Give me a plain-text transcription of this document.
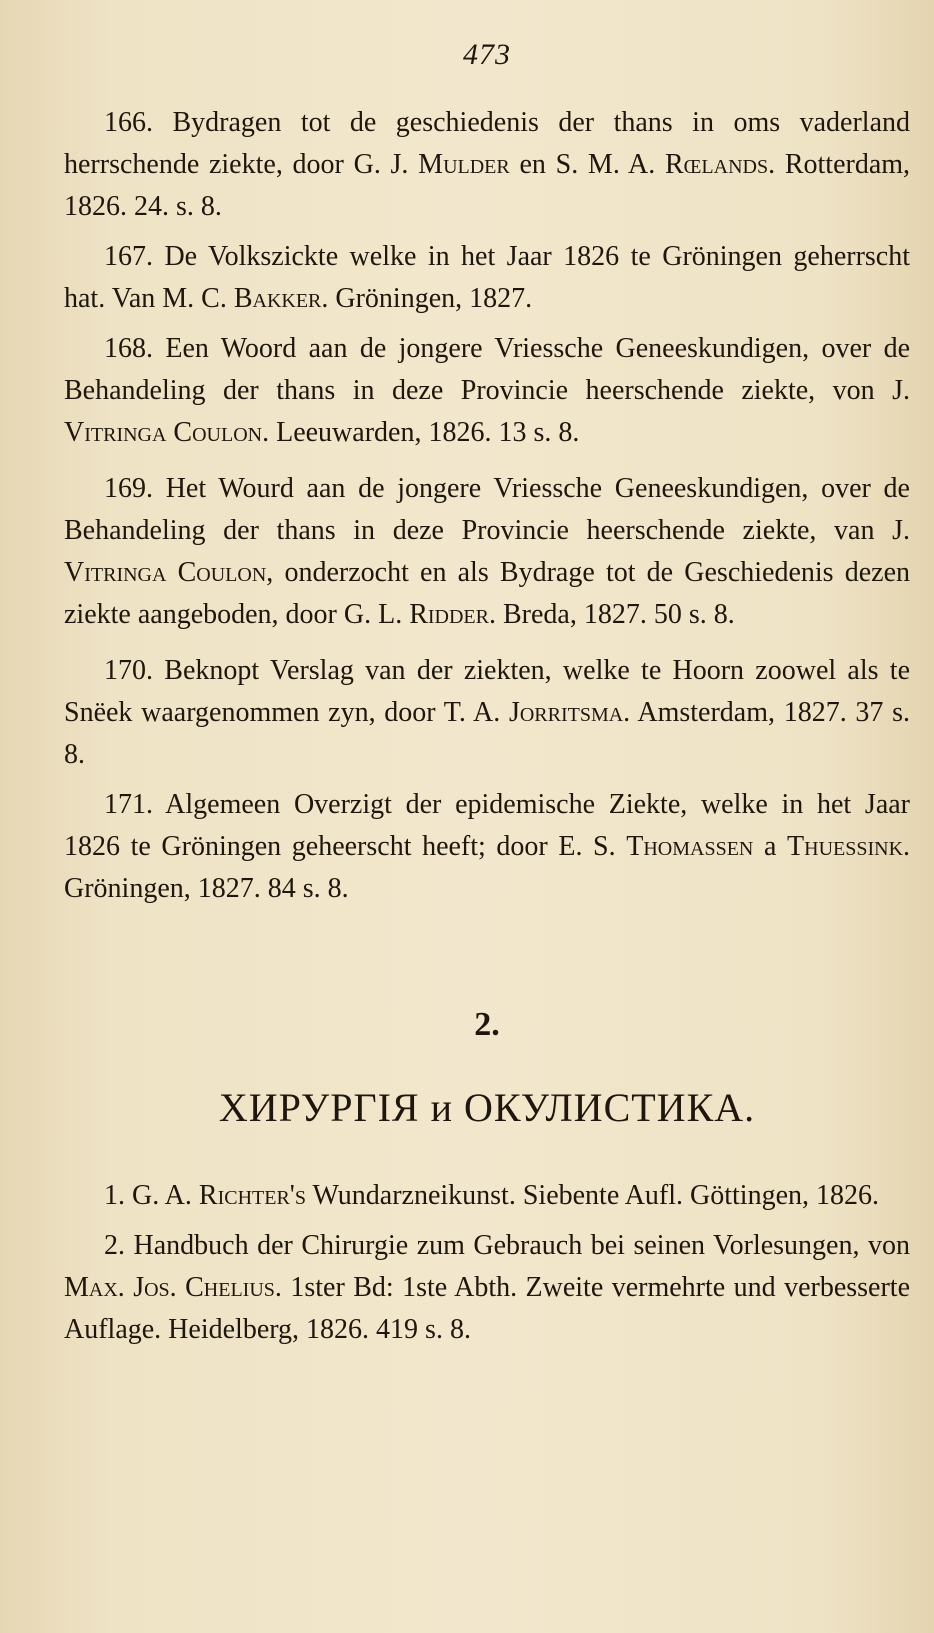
473

166. Bydragen tot de geschiedenis der thans in oms vaderland herrschende ziekte, door G. J. Mulder en S. M. A. Rœlands. Rotterdam, 1826. 24. s. 8.

167. De Volkszickte welke in het Jaar 1826 te Gröningen geherrscht hat. Van M. C. Bakker. Gröningen, 1827.

168. Een Woord aan de jongere Vriessche Geneeskundigen, over de Behandeling der thans in deze Provincie heerschende ziekte, von J. Vitringa Coulon. Leeuwarden, 1826. 13 s. 8.

169. Het Wourd aan de jongere Vriessche Geneeskundigen, over de Behandeling der thans in deze Provincie heerschende ziekte, van J. Vitringa Coulon, onderzocht en als Bydrage tot de Geschiedenis dezen ziekte aangeboden, door G. L. Ridder. Breda, 1827. 50 s. 8.

170. Beknopt Verslag van der ziekten, welke te Hoorn zoowel als te Snëek waargenommen zyn, door T. A. Jorritsma. Amsterdam, 1827. 37 s. 8.

171. Algemeen Overzigt der epidemische Ziekte, welke in het Jaar 1826 te Gröningen geheerscht heeft; door E. S. Thomassen a Thuessink. Gröningen, 1827. 84 s. 8.

2.
ХИРУРГIЯ и ОКУЛИСТИКА.

1. G. A. Richter's Wundarzneikunst. Siebente Aufl. Göttingen, 1826.

2. Handbuch der Chirurgie zum Gebrauch bei seinen Vorlesungen, von Max. Jos. Chelius. 1ster Bd: 1ste Abth. Zweite vermehrte und verbesserte Auflage. Heidelberg, 1826. 419 s. 8.
